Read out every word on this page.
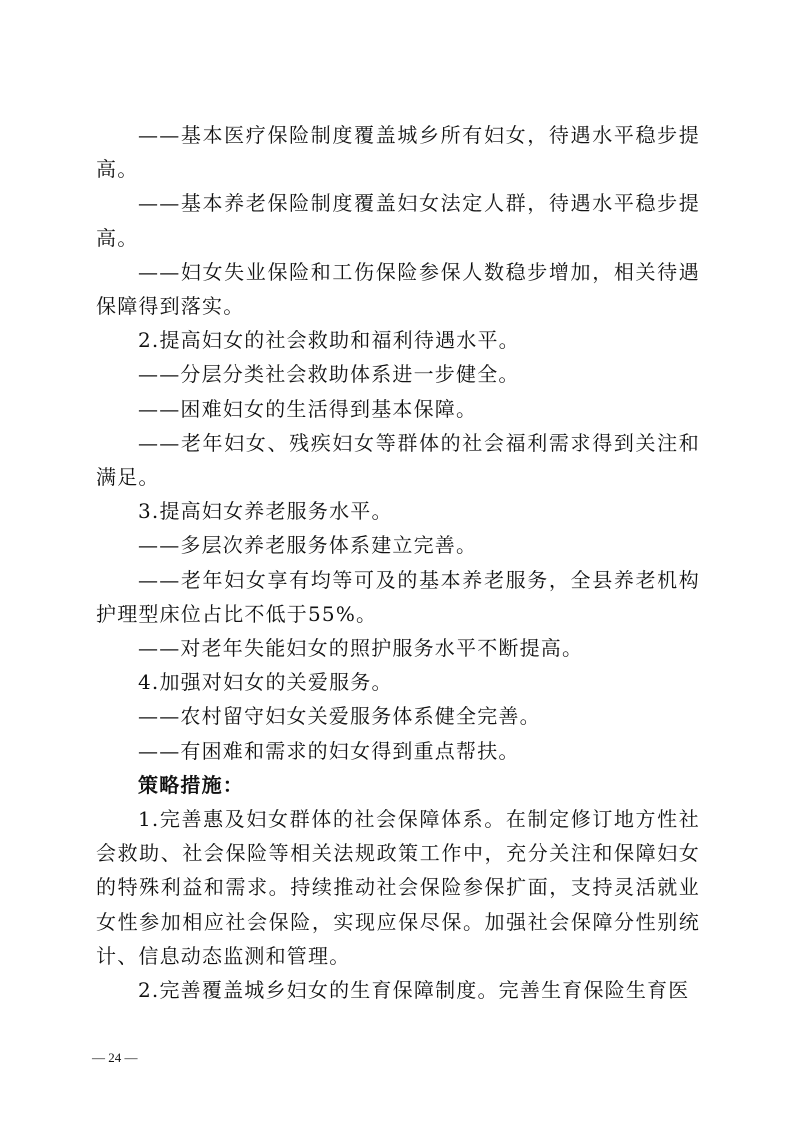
——基本医疗保险制度覆盖城乡所有妇女，待遇水平稳步提高。

——基本养老保险制度覆盖妇女法定人群，待遇水平稳步提高。

——妇女失业保险和工伤保险参保人数稳步增加，相关待遇保障得到落实。

2.提高妇女的社会救助和福利待遇水平。

——分层分类社会救助体系进一步健全。

——困难妇女的生活得到基本保障。

——老年妇女、残疾妇女等群体的社会福利需求得到关注和满足。

3.提高妇女养老服务水平。

——多层次养老服务体系建立完善。

——老年妇女享有均等可及的基本养老服务，全县养老机构护理型床位占比不低于55%。

——对老年失能妇女的照护服务水平不断提高。

4.加强对妇女的关爱服务。

——农村留守妇女关爱服务体系健全完善。

——有困难和需求的妇女得到重点帮扶。

策略措施：

1.完善惠及妇女群体的社会保障体系。在制定修订地方性社会救助、社会保险等相关法规政策工作中，充分关注和保障妇女的特殊利益和需求。持续推动社会保险参保扩面，支持灵活就业女性参加相应社会保险，实现应保尽保。加强社会保障分性别统计、信息动态监测和管理。

2.完善覆盖城乡妇女的生育保障制度。完善生育保险生育医

— 24 —
